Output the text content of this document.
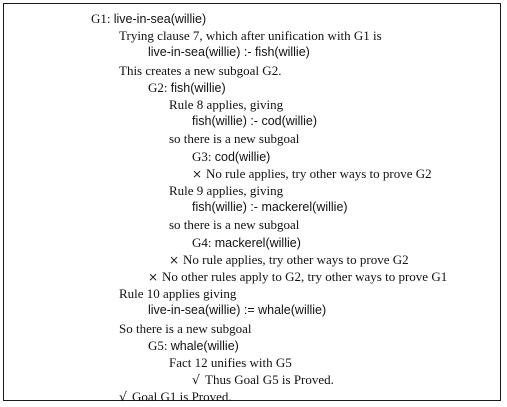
G1: live-in-sea(willie)
Trying clause 7, which after unification with G1 is
live-in-sea(willie) :- fish(willie)
This creates a new subgoal G2.
G2: fish(willie)
Rule 8 applies, giving
fish(willie) :- cod(willie)
so there is a new subgoal
G3: cod(willie)
× No rule applies, try other ways to prove G2
Rule 9 applies, giving
fish(willie) :- mackerel(willie)
so there is a new subgoal
G4: mackerel(willie)
× No rule applies, try other ways to prove G2
× No other rules apply to G2, try other ways to prove G1
Rule 10 applies giving
live-in-sea(willie) := whale(willie)
So there is a new subgoal
G5: whale(willie)
Fact 12 unifies with G5
√ Thus Goal G5 is Proved.
√ Goal G1 is Proved.
